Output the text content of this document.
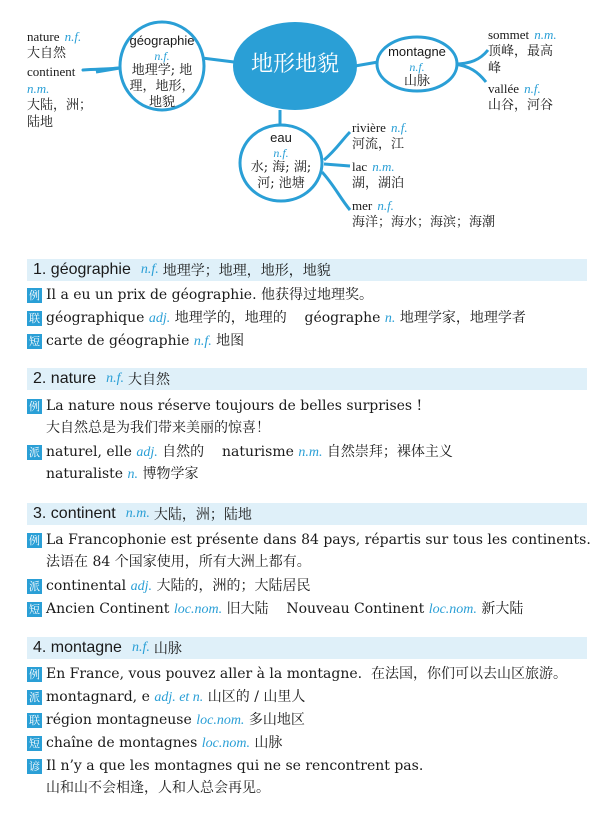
地形地貌
géographie
n.f.
地理学; 地
理，地形，
地貌
montagne
n.f.
山脉
eau
n.f.
水; 海; 湖;
河; 池塘
nature n.f.
大自然
continent
n.m.
大陆，洲；
陆地
sommet n.m.
顶峰，最高
峰
vallée n.f.
山谷，河谷
rivière n.f.
河流，江
lac n.m.
湖，湖泊
mer n.f.
海洋；海水；海滨；海潮
1. géographie n.f. 地理学；地理，地形，地貌
例 Il a eu un prix de géographie. 他获得过地理奖。
联 géographique adj. 地理学的，地理的    géographe n. 地理学家，地理学者
短 carte de géographie n.f. 地图
2. nature n.f. 大自然
例 La nature nous réserve toujours de belles surprises !
大自然总是为我们带来美丽的惊喜！
派 naturel, elle adj. 自然的    naturisme n.m. 自然崇拜；裸体主义
naturaliste n. 博物学家
3. continent n.m. 大陆，洲；陆地
例 La Francophonie est présente dans 84 pays, répartis sur tous les continents.
法语在 84 个国家使用，所有大洲上都有。
派 continental adj. 大陆的，洲的；大陆居民
短 Ancien Continent loc.nom. 旧大陆    Nouveau Continent loc.nom. 新大陆
4. montagne n.f. 山脉
例 En France, vous pouvez aller à la montagne.  在法国，你们可以去山区旅游。
派 montagnard, e adj. et n. 山区的 / 山里人
联 région montagneuse loc.nom. 多山地区
短 chaîne de montagnes loc.nom. 山脉
谚 Il n’y a que les montagnes qui ne se rencontrent pas.
山和山不会相逢，人和人总会再见。
